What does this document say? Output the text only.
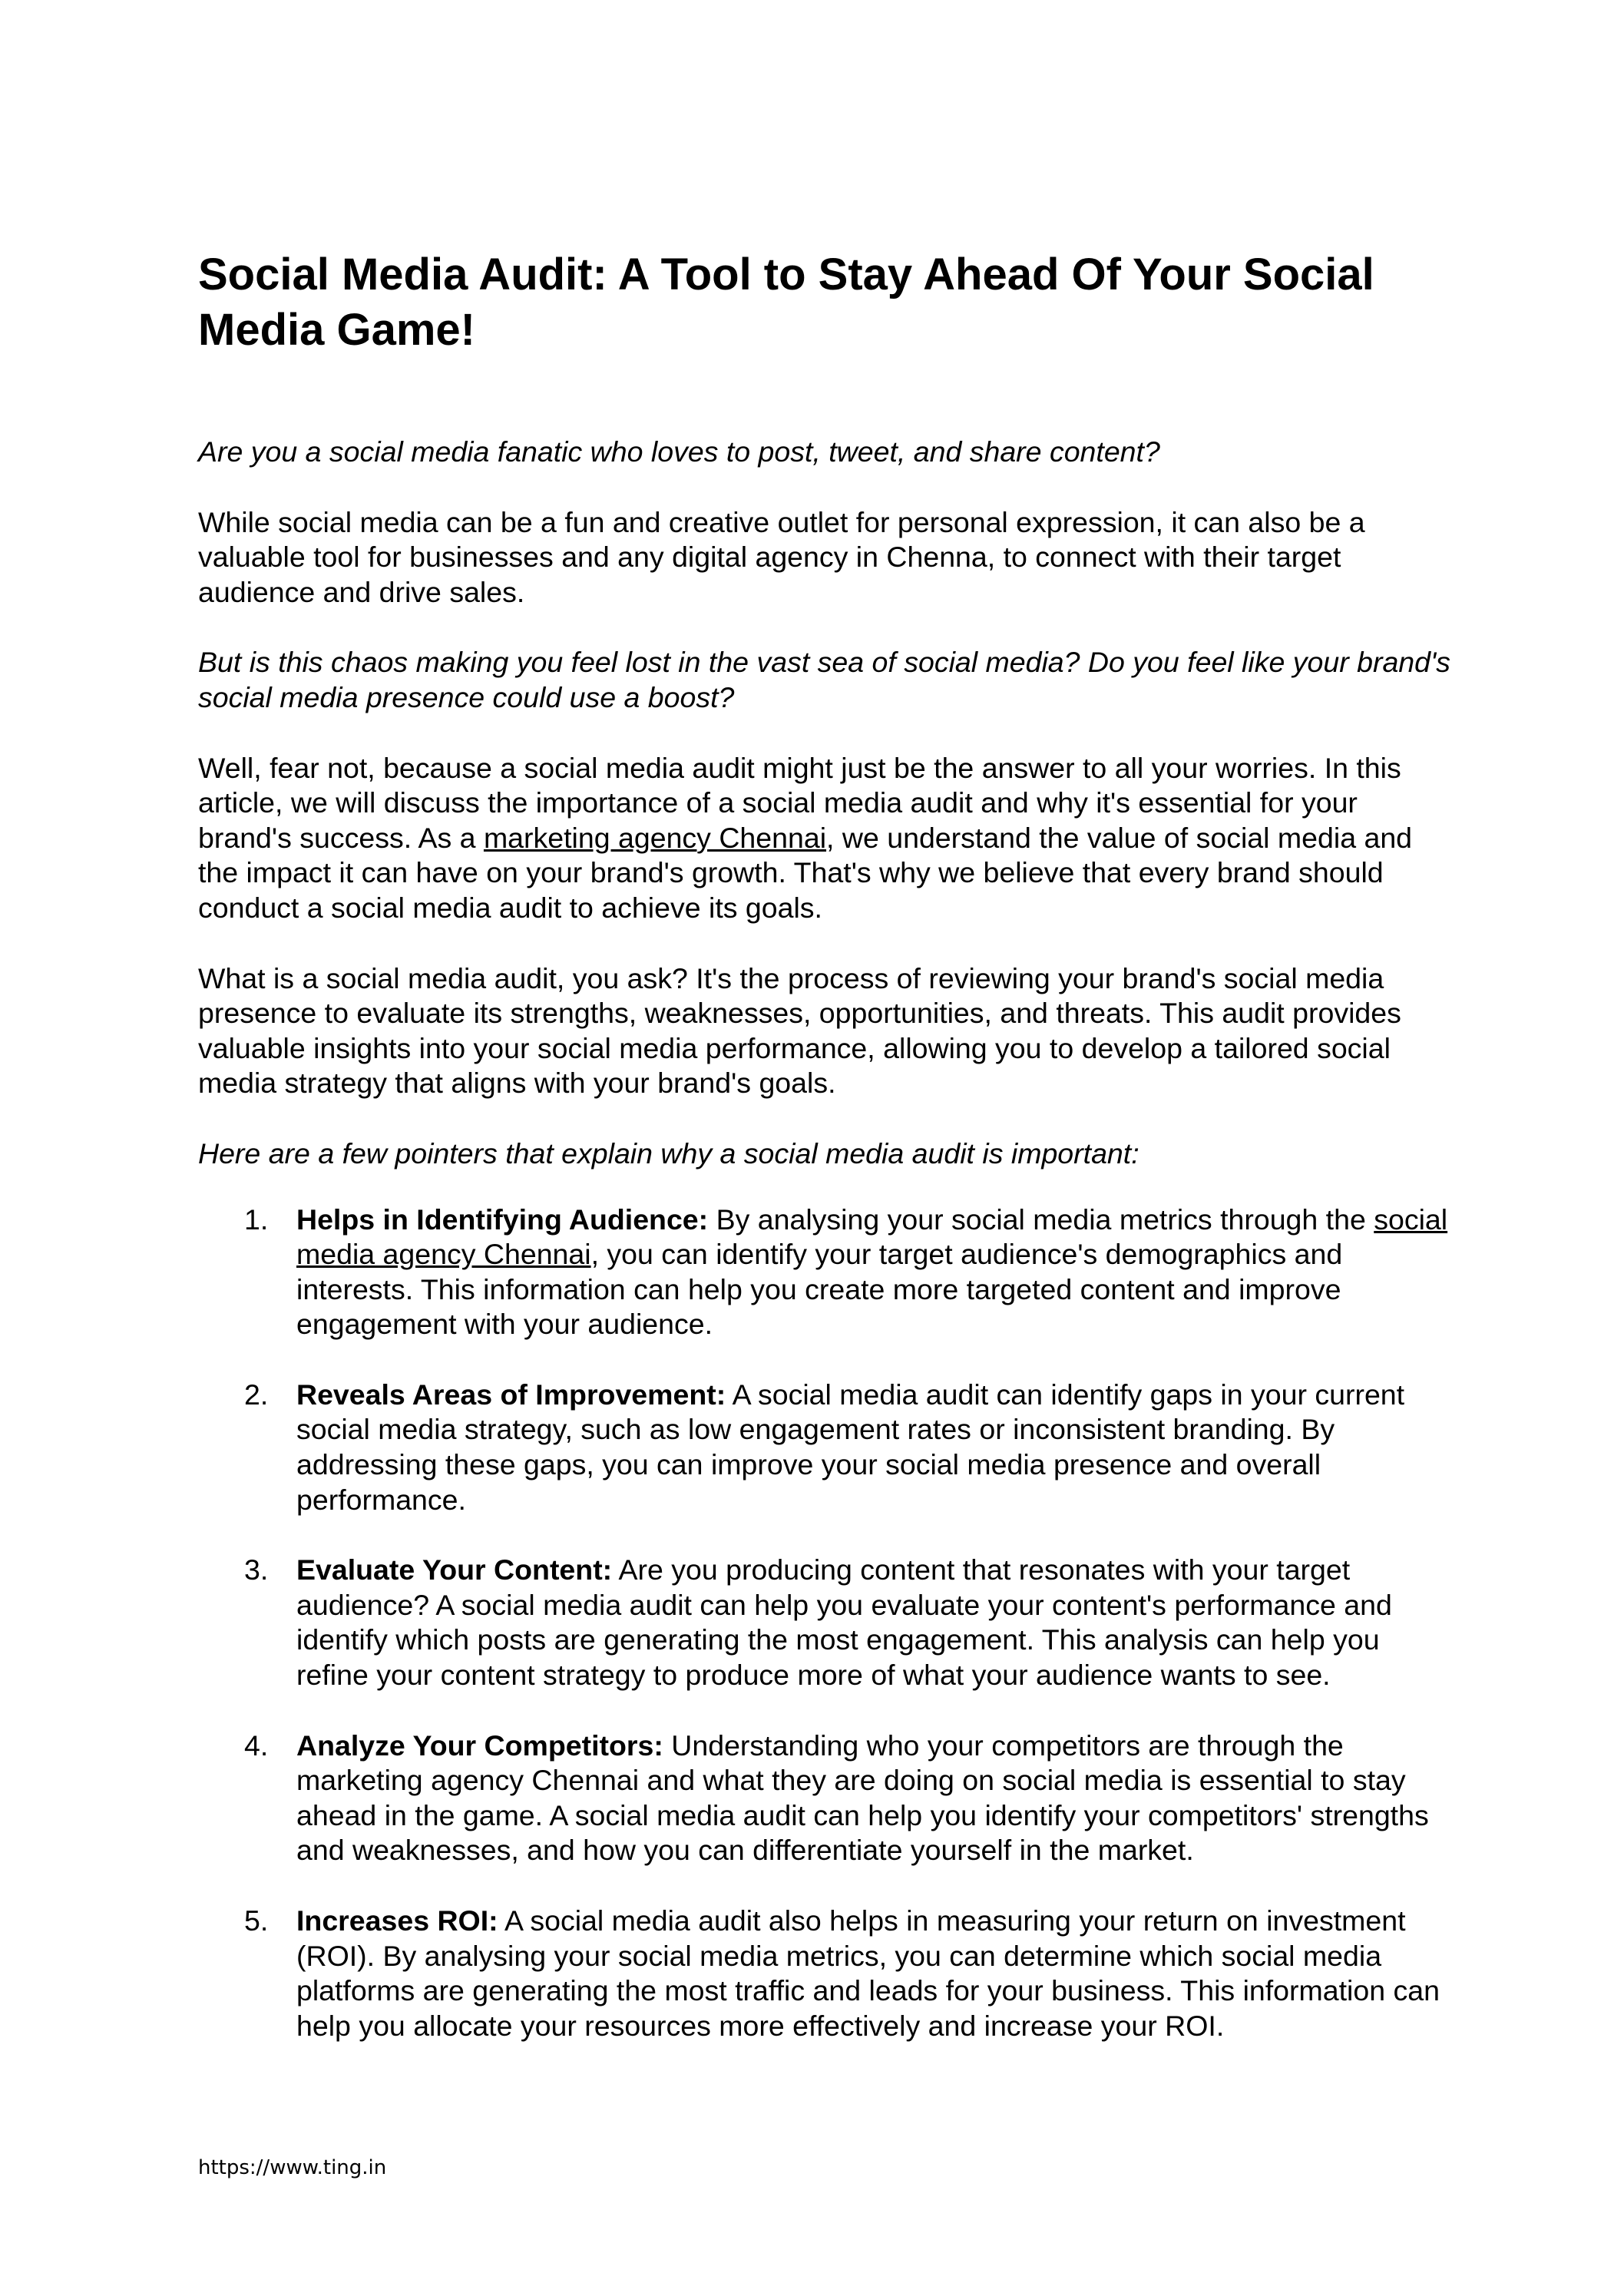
Social Media Audit: A Tool to Stay Ahead Of Your Social Media Game!

Are you a social media fanatic who loves to post, tweet, and share content?

While social media can be a fun and creative outlet for personal expression, it can also be a valuable tool for businesses and any digital agency in Chenna, to connect with their target audience and drive sales.

But is this chaos making you feel lost in the vast sea of social media? Do you feel like your brand's social media presence could use a boost?

Well, fear not, because a social media audit might just be the answer to all your worries. In this article, we will discuss the importance of a social media audit and why it's essential for your brand's success. As a marketing agency Chennai, we understand the value of social media and the impact it can have on your brand's growth. That's why we believe that every brand should conduct a social media audit to achieve its goals.

What is a social media audit, you ask? It's the process of reviewing your brand's social media presence to evaluate its strengths, weaknesses, opportunities, and threats. This audit provides valuable insights into your social media performance, allowing you to develop a tailored social media strategy that aligns with your brand's goals.

Here are a few pointers that explain why a social media audit is important:

1. Helps in Identifying Audience: By analysing your social media metrics through the social media agency Chennai, you can identify your target audience's demographics and interests. This information can help you create more targeted content and improve engagement with your audience.
2. Reveals Areas of Improvement: A social media audit can identify gaps in your current social media strategy, such as low engagement rates or inconsistent branding. By addressing these gaps, you can improve your social media presence and overall performance.
3. Evaluate Your Content: Are you producing content that resonates with your target audience? A social media audit can help you evaluate your content's performance and identify which posts are generating the most engagement. This analysis can help you refine your content strategy to produce more of what your audience wants to see.
4. Analyze Your Competitors: Understanding who your competitors are through the marketing agency Chennai and what they are doing on social media is essential to stay ahead in the game. A social media audit can help you identify your competitors' strengths and weaknesses, and how you can differentiate yourself in the market.
5. Increases ROI: A social media audit also helps in measuring your return on investment (ROI). By analysing your social media metrics, you can determine which social media platforms are generating the most traffic and leads for your business. This information can help you allocate your resources more effectively and increase your ROI.
https://www.ting.in
